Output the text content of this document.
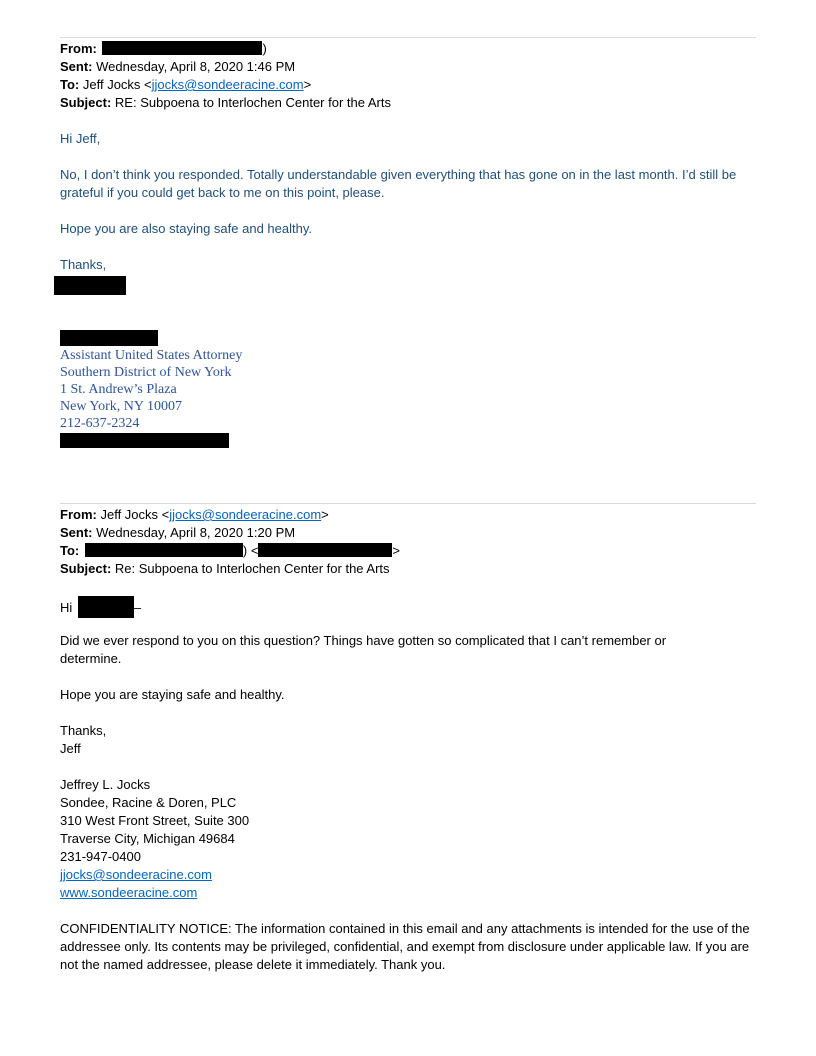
From:	)
Sent: Wednesday, April 8, 2020 1:46 PM
To: Jeff Jocks <jjocks@sondeeracine.com>
Subject: RE: Subpoena to Interlochen Center for the Arts
Hi Jeff,
No, I don’t think you responded. Totally understandable given everything that has gone on in the last month. I’d still be grateful if you could get back to me on this point, please.
Hope you are also staying safe and healthy.
Thanks,
Assistant United States Attorney
Southern District of New York
1 St. Andrew’s Plaza
New York, NY 10007
212-637-2324
From: Jeff Jocks <jjocks@sondeeracine.com>
Sent: Wednesday, April 8, 2020 1:20 PM
To:	) <	>
Subject: Re: Subpoena to Interlochen Center for the Arts
Hi	–
Did we ever respond to you on this question? Things have gotten so complicated that I can’t remember or determine.
Hope you are staying safe and healthy.
Thanks,
Jeff
Jeffrey L. Jocks
Sondee, Racine & Doren, PLC
310 West Front Street, Suite 300
Traverse City, Michigan 49684
231-947-0400
jjocks@sondeeracine.com
www.sondeeracine.com
CONFIDENTIALITY NOTICE: The information contained in this email and any attachments is intended for the use of the addressee only. Its contents may be privileged, confidential, and exempt from disclosure under applicable law. If you are not the named addressee, please delete it immediately. Thank you.
